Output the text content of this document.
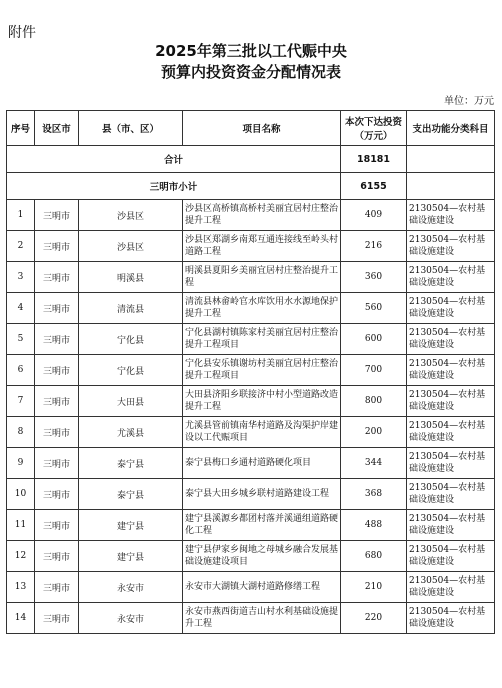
附件
2025年第三批以工代赈中央
预算内投资资金分配情况表
单位：万元
序号	设区市	县（市、区）	项目名称	本次下达投资（万元）	支出功能分类科目
合计				18181	
三明市小计				6155	
1	三明市	沙县区	沙县区高桥镇高桥村美丽宜居村庄整治提升工程	409	2130504—农村基础设施建设
2	三明市	沙县区	沙县区郑湖乡南郑互通连接线至岭头村道路工程	216	2130504—农村基础设施建设
3	三明市	明溪县	明溪县夏阳乡美丽宜居村庄整治提升工程	360	2130504—农村基础设施建设
4	三明市	清流县	清流县林畲岭官水库饮用水水源地保护提升工程	560	2130504—农村基础设施建设
5	三明市	宁化县	宁化县湖村镇陈家村美丽宜居村庄整治提升工程项目	600	2130504—农村基础设施建设
6	三明市	宁化县	宁化县安乐镇谢坊村美丽宜居村庄整治提升工程项目	700	2130504—农村基础设施建设
7	三明市	大田县	大田县济阳乡联接济中村小型道路改造提升工程	800	2130504—农村基础设施建设
8	三明市	尤溪县	尤溪县管前镇南华村道路及沟渠护岸建设以工代赈项目	200	2130504—农村基础设施建设
9	三明市	泰宁县	泰宁县梅口乡通村道路硬化项目	344	2130504—农村基础设施建设
10	三明市	泰宁县	泰宁县大田乡城乡联村道路建设工程	368	2130504—农村基础设施建设
11	三明市	建宁县	建宁县溪源乡都团村落并溪通组道路硬化工程	488	2130504—农村基础设施建设
12	三明市	建宁县	建宁县伊家乡闽地之母城乡融合发展基础设施建设项目	680	2130504—农村基础设施建设
13	三明市	永安市	永安市大湖镇大湖村道路修缮工程	210	2130504—农村基础设施建设
14	三明市	永安市	永安市燕西街道吉山村水利基础设施提升工程	220	2130504—农村基础设施建设
